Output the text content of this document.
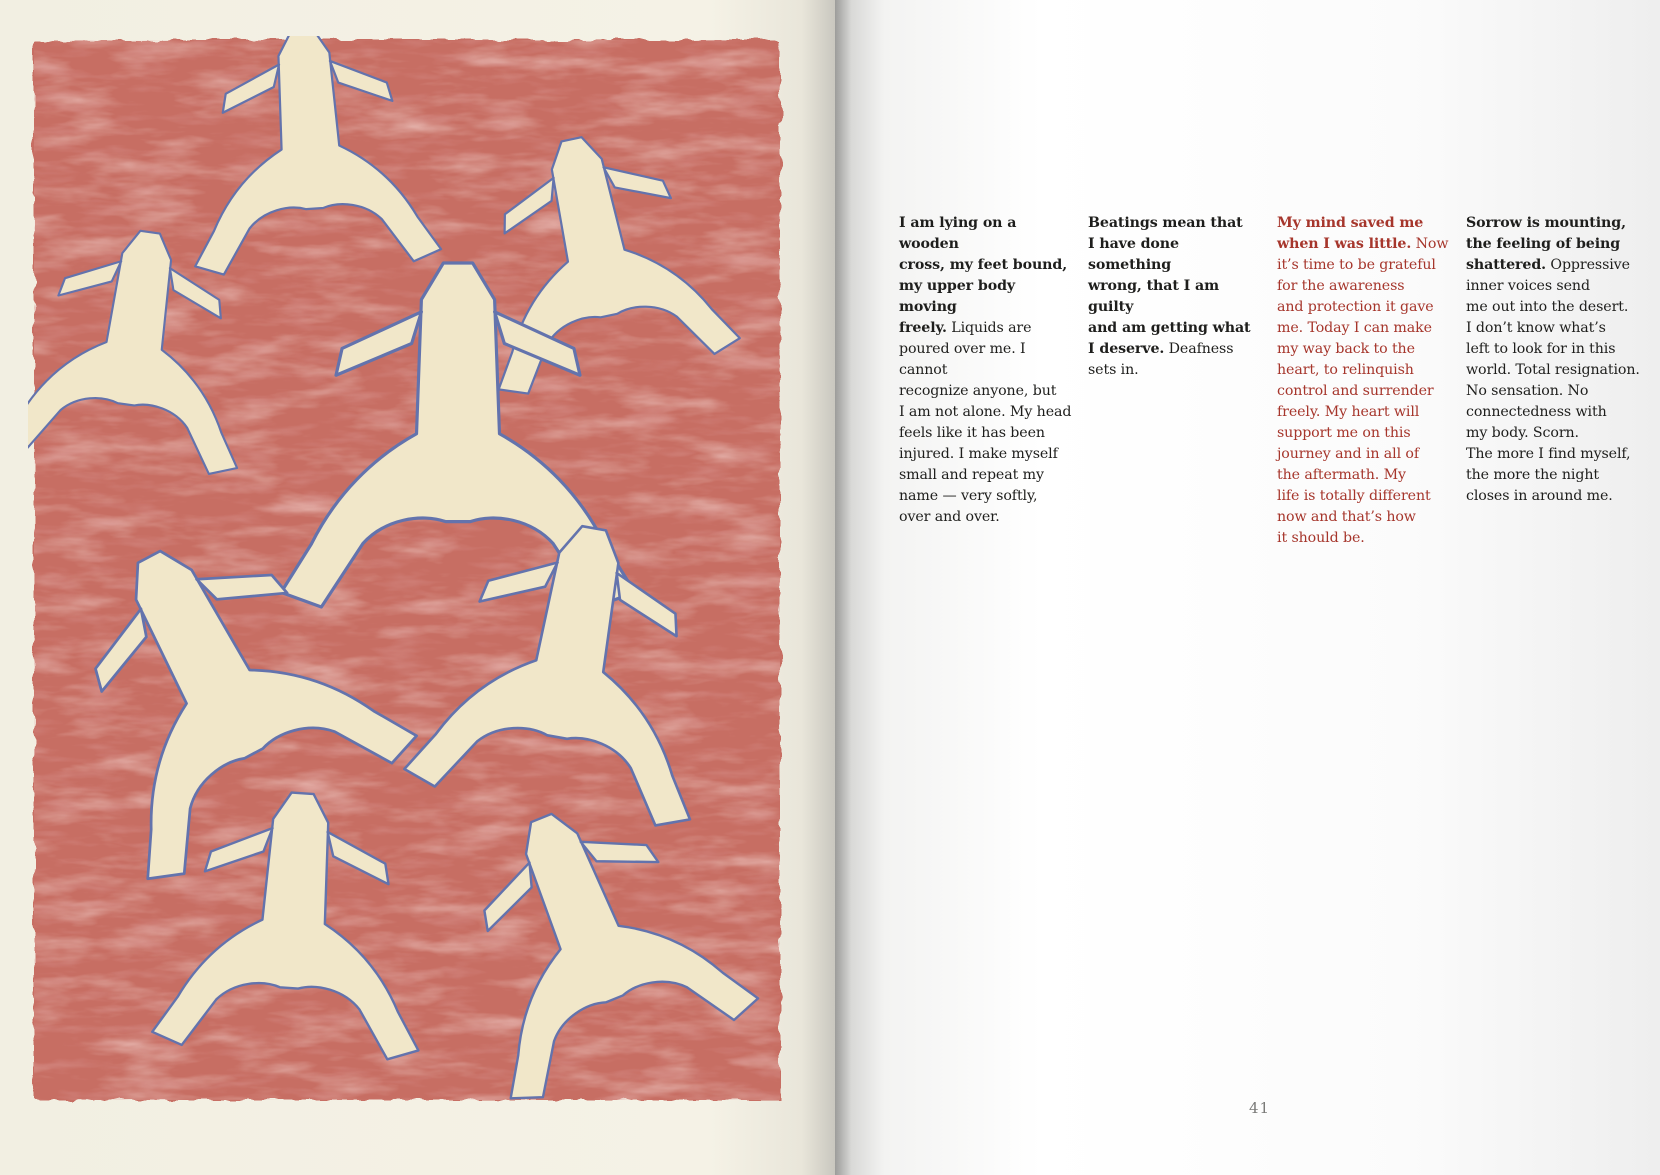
I am lying on a wooden
cross, my feet bound,
my upper body moving
freely. Liquids are
poured over me. I cannot
recognize anyone, but
I am not alone. My head
feels like it has been
injured. I make myself
small and repeat my
name — very softly,
over and over.
Beatings mean that
I have done something
wrong, that I am guilty
and am getting what
I deserve. Deafness
sets in.
My mind saved me
when I was little. Now
it’s time to be grateful
for the awareness
and protection it gave
me. Today I can make
my way back to the
heart, to relinquish
control and surrender
freely. My heart will
support me on this
journey and in all of
the aftermath. My
life is totally different
now and that’s how
it should be.
Sorrow is mounting,
the feeling of being
shattered. Oppressive
inner voices send
me out into the desert.
I don’t know what’s
left to look for in this
world. Total resignation.
No sensation. No
connectedness with
my body. Scorn.
The more I find myself,
the more the night
closes in around me.
41
